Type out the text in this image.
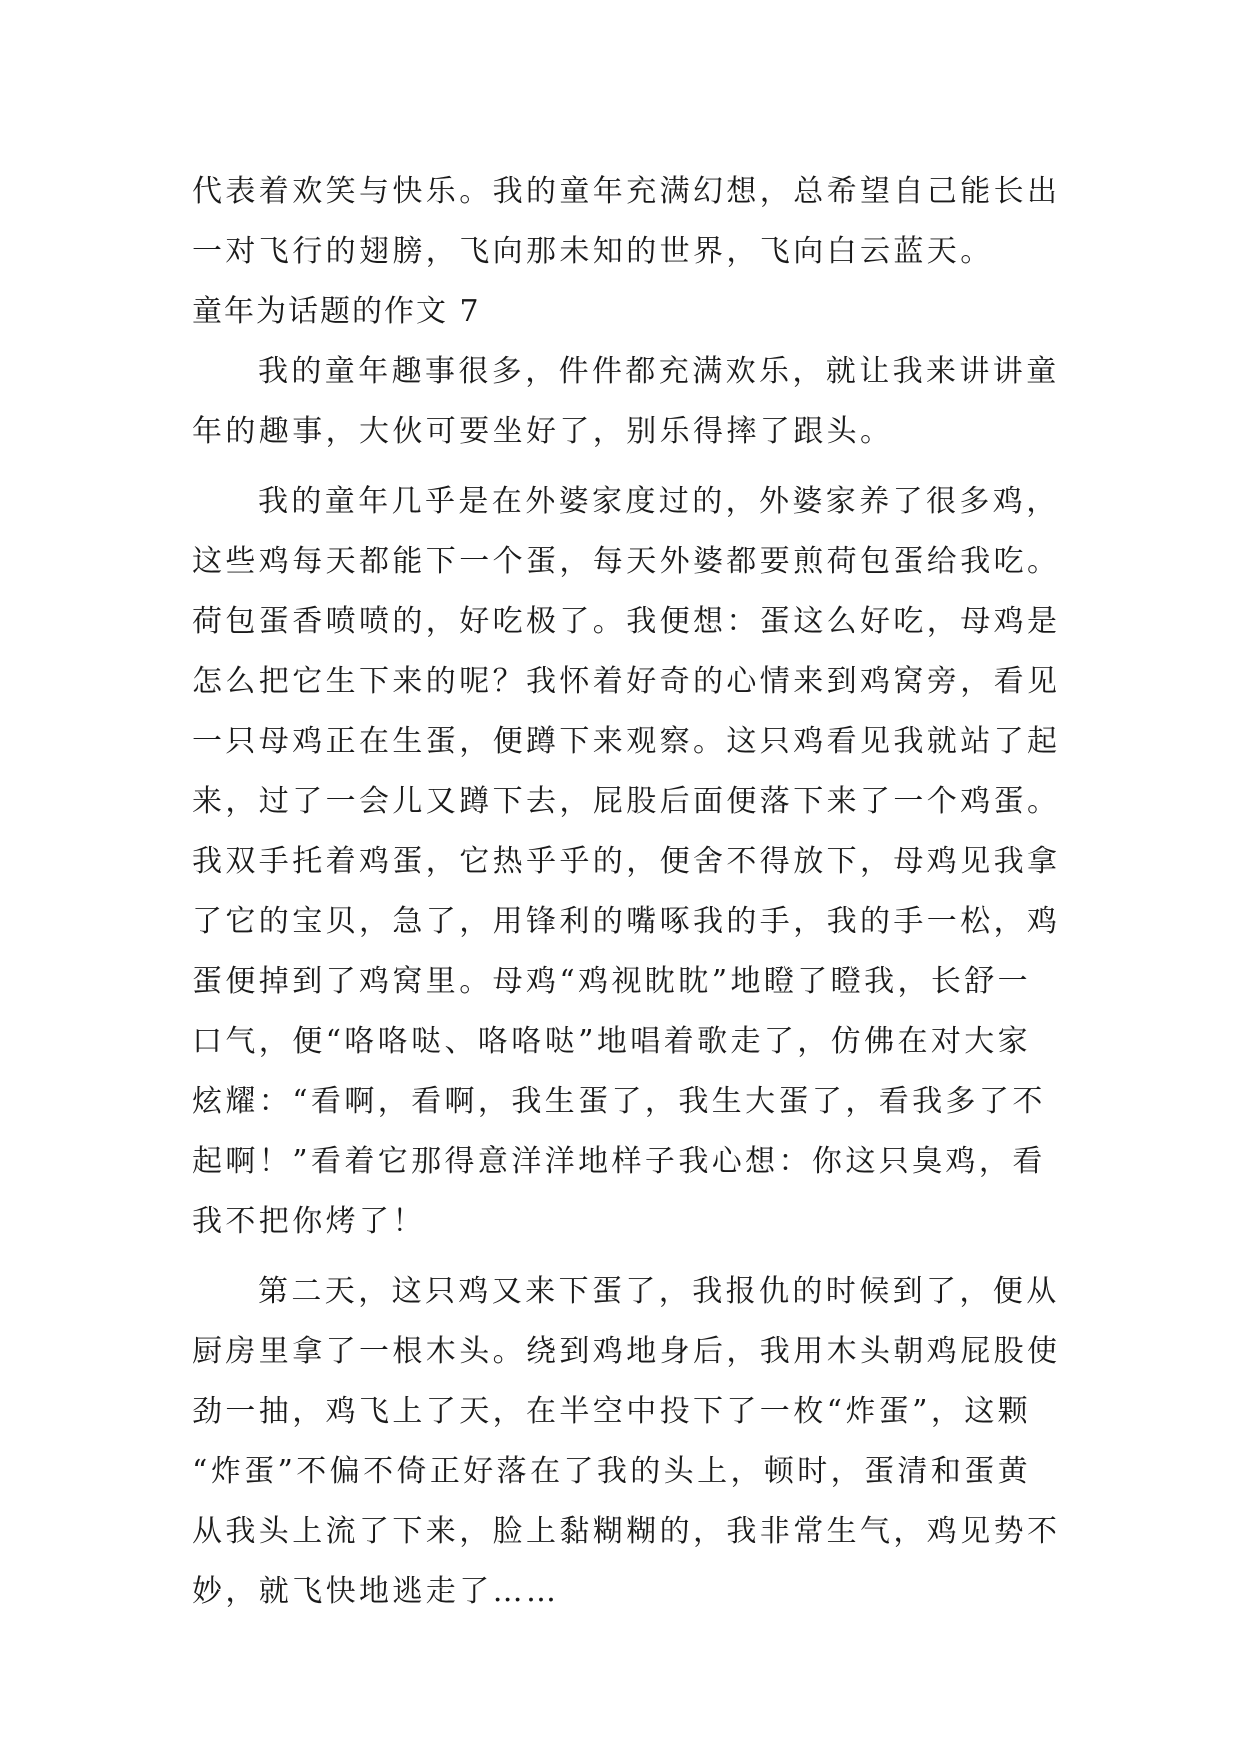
代表着欢笑与快乐。我的童年充满幻想，总希望自己能长出
一对飞行的翅膀，飞向那未知的世界，飞向白云蓝天。
童年为话题的作文 7
我的童年趣事很多，件件都充满欢乐，就让我来讲讲童
年的趣事，大伙可要坐好了，别乐得摔了跟头。
我的童年几乎是在外婆家度过的，外婆家养了很多鸡，
这些鸡每天都能下一个蛋，每天外婆都要煎荷包蛋给我吃。
荷包蛋香喷喷的，好吃极了。我便想：蛋这么好吃，母鸡是
怎么把它生下来的呢？我怀着好奇的心情来到鸡窝旁，看见
一只母鸡正在生蛋，便蹲下来观察。这只鸡看见我就站了起
来，过了一会儿又蹲下去，屁股后面便落下来了一个鸡蛋。
我双手托着鸡蛋，它热乎乎的，便舍不得放下，母鸡见我拿
了它的宝贝，急了，用锋利的嘴啄我的手，我的手一松，鸡
蛋便掉到了鸡窝里。母鸡“鸡视眈眈”地瞪了瞪我，长舒一
口气，便“咯咯哒、咯咯哒”地唱着歌走了，仿佛在对大家
炫耀：“看啊，看啊，我生蛋了，我生大蛋了，看我多了不
起啊！”看着它那得意洋洋地样子我心想：你这只臭鸡，看
我不把你烤了！
第二天，这只鸡又来下蛋了，我报仇的时候到了，便从
厨房里拿了一根木头。绕到鸡地身后，我用木头朝鸡屁股使
劲一抽，鸡飞上了天，在半空中投下了一枚“炸蛋”，这颗
“炸蛋”不偏不倚正好落在了我的头上，顿时，蛋清和蛋黄
从我头上流了下来，脸上黏糊糊的，我非常生气，鸡见势不
妙，就飞快地逃走了……
